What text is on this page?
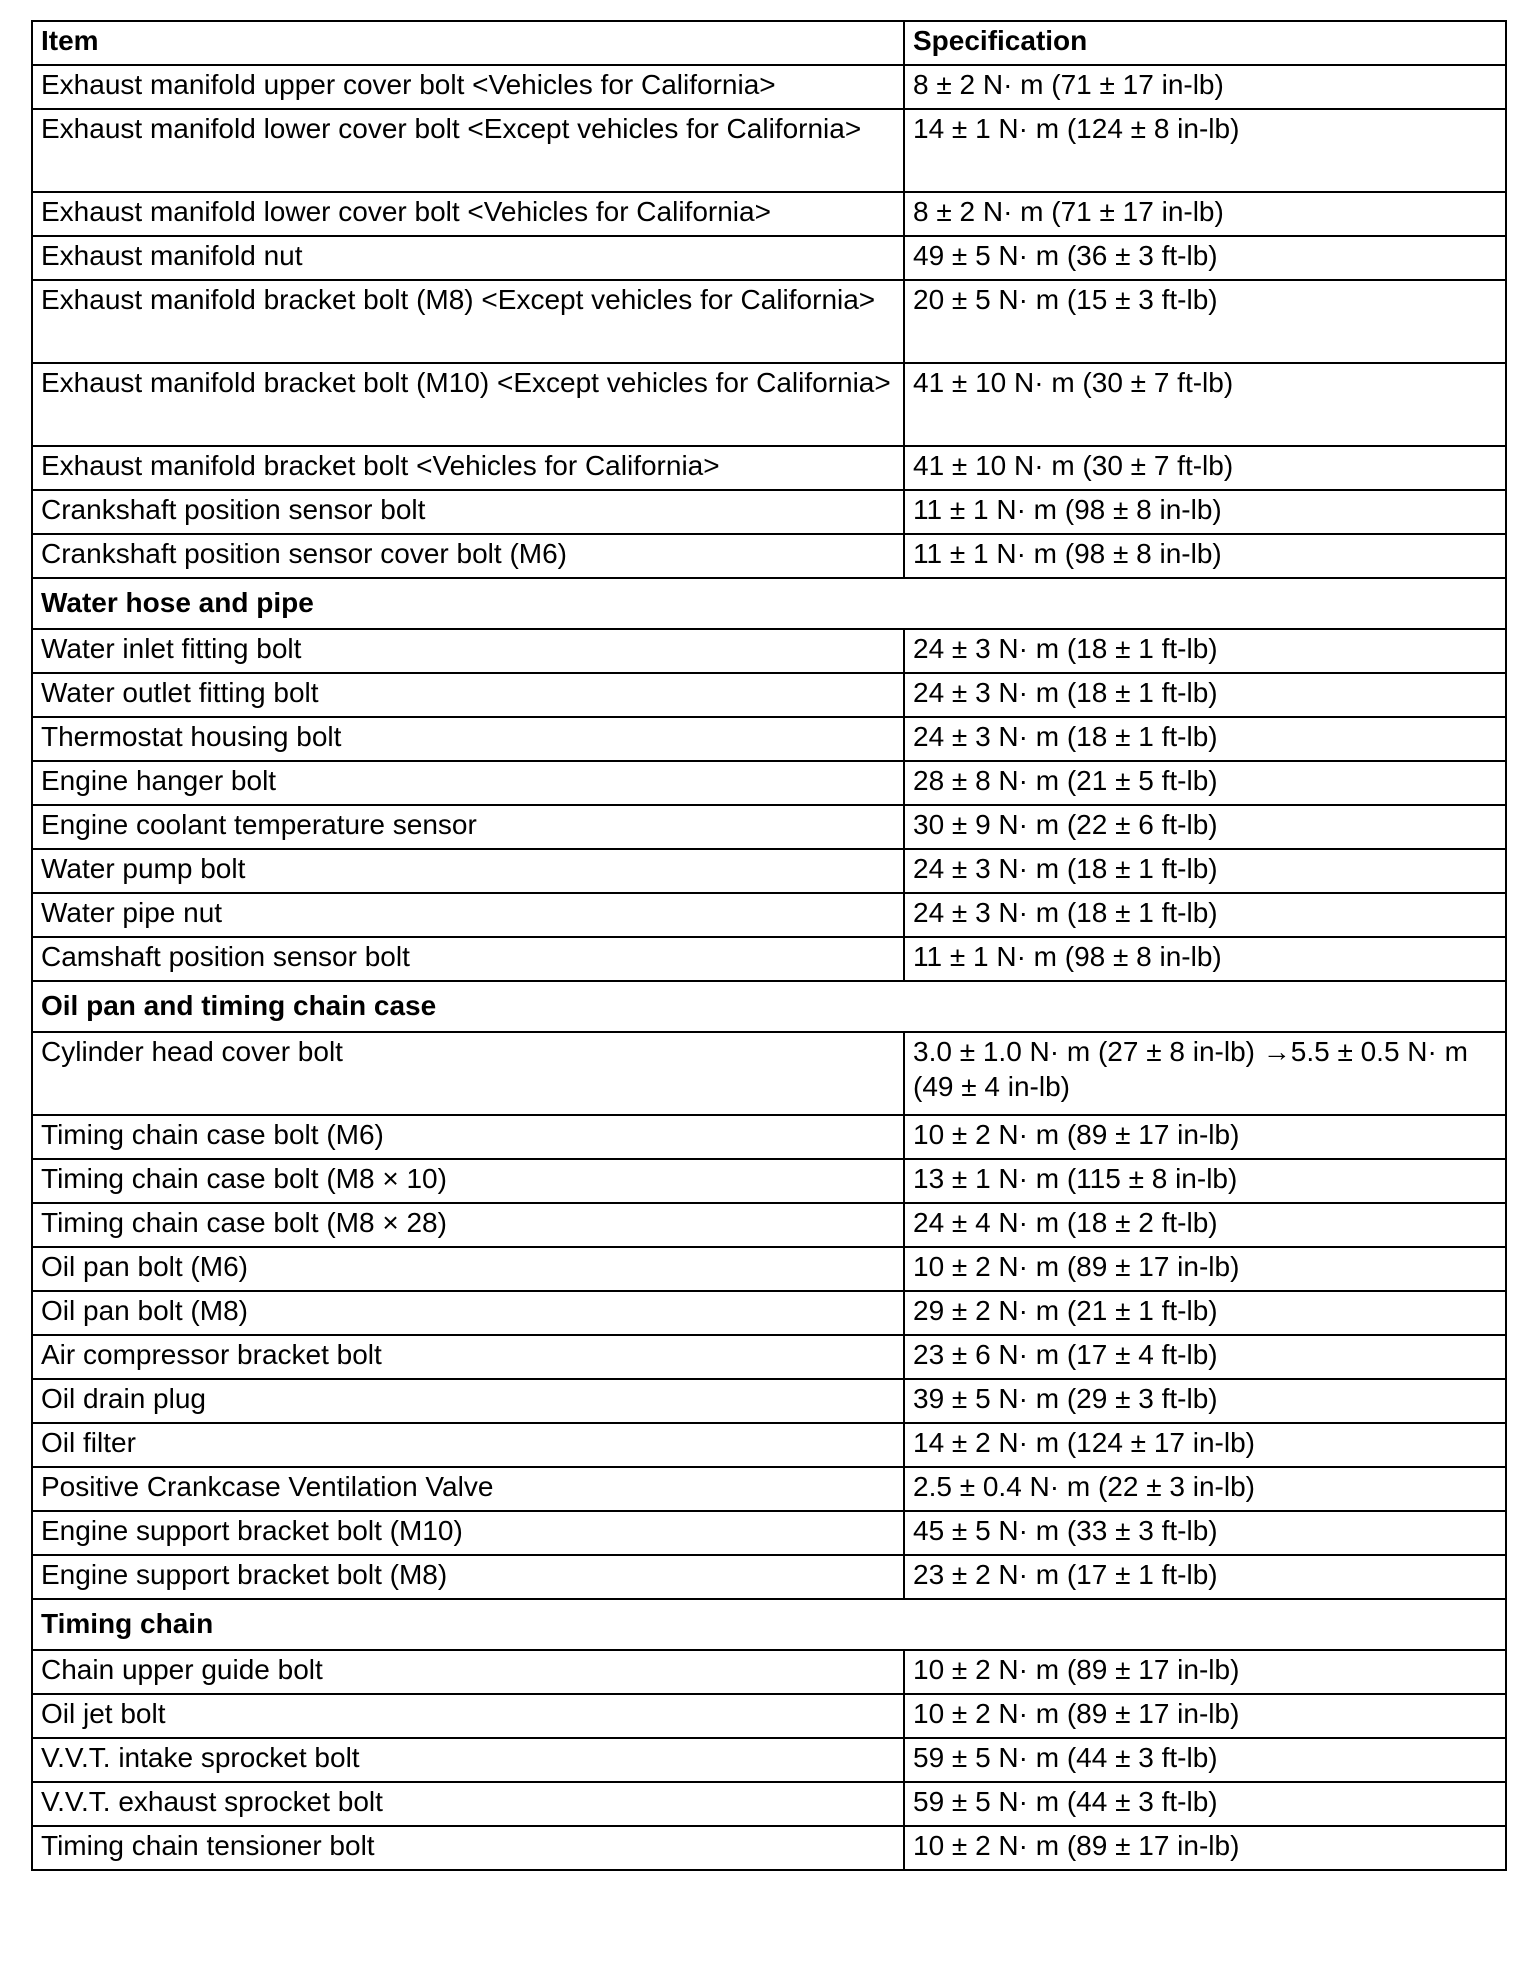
Item	Specification
Exhaust manifold upper cover bolt <Vehicles for California>	8 ± 2 N· m (71 ± 17 in-lb)
Exhaust manifold lower cover bolt <Except vehicles for California>	14 ± 1 N· m (124 ± 8 in-lb)
Exhaust manifold lower cover bolt <Vehicles for California>	8 ± 2 N· m (71 ± 17 in-lb)
Exhaust manifold nut	49 ± 5 N· m (36 ± 3 ft-lb)
Exhaust manifold bracket bolt (M8) <Except vehicles for California>	20 ± 5 N· m (15 ± 3 ft-lb)
Exhaust manifold bracket bolt (M10) <Except vehicles for California>	41 ± 10 N· m (30 ± 7 ft-lb)
Exhaust manifold bracket bolt <Vehicles for California>	41 ± 10 N· m (30 ± 7 ft-lb)
Crankshaft position sensor bolt	11 ± 1 N· m (98 ± 8 in-lb)
Crankshaft position sensor cover bolt (M6)	11 ± 1 N· m (98 ± 8 in-lb)
Water hose and pipe	
Water inlet fitting bolt	24 ± 3 N· m (18 ± 1 ft-lb)
Water outlet fitting bolt	24 ± 3 N· m (18 ± 1 ft-lb)
Thermostat housing bolt	24 ± 3 N· m (18 ± 1 ft-lb)
Engine hanger bolt	28 ± 8 N· m (21 ± 5 ft-lb)
Engine coolant temperature sensor	30 ± 9 N· m (22 ± 6 ft-lb)
Water pump bolt	24 ± 3 N· m (18 ± 1 ft-lb)
Water pipe nut	24 ± 3 N· m (18 ± 1 ft-lb)
Camshaft position sensor bolt	11 ± 1 N· m (98 ± 8 in-lb)
Oil pan and timing chain case	
Cylinder head cover bolt	3.0 ± 1.0 N· m (27 ± 8 in-lb) →5.5 ± 0.5 N· m (49 ± 4 in-lb)
Timing chain case bolt (M6)	10 ± 2 N· m (89 ± 17 in-lb)
Timing chain case bolt (M8 × 10)	13 ± 1 N· m (115 ± 8 in-lb)
Timing chain case bolt (M8 × 28)	24 ± 4 N· m (18 ± 2 ft-lb)
Oil pan bolt (M6)	10 ± 2 N· m (89 ± 17 in-lb)
Oil pan bolt (M8)	29 ± 2 N· m (21 ± 1 ft-lb)
Air compressor bracket bolt	23 ± 6 N· m (17 ± 4 ft-lb)
Oil drain plug	39 ± 5 N· m (29 ± 3 ft-lb)
Oil filter	14 ± 2 N· m (124 ± 17 in-lb)
Positive Crankcase Ventilation Valve	2.5 ± 0.4 N· m (22 ± 3 in-lb)
Engine support bracket bolt (M10)	45 ± 5 N· m (33 ± 3 ft-lb)
Engine support bracket bolt (M8)	23 ± 2 N· m (17 ± 1 ft-lb)
Timing chain	
Chain upper guide bolt	10 ± 2 N· m (89 ± 17 in-lb)
Oil jet bolt	10 ± 2 N· m (89 ± 17 in-lb)
V.V.T. intake sprocket bolt	59 ± 5 N· m (44 ± 3 ft-lb)
V.V.T. exhaust sprocket bolt	59 ± 5 N· m (44 ± 3 ft-lb)
Timing chain tensioner bolt	10 ± 2 N· m (89 ± 17 in-lb)
